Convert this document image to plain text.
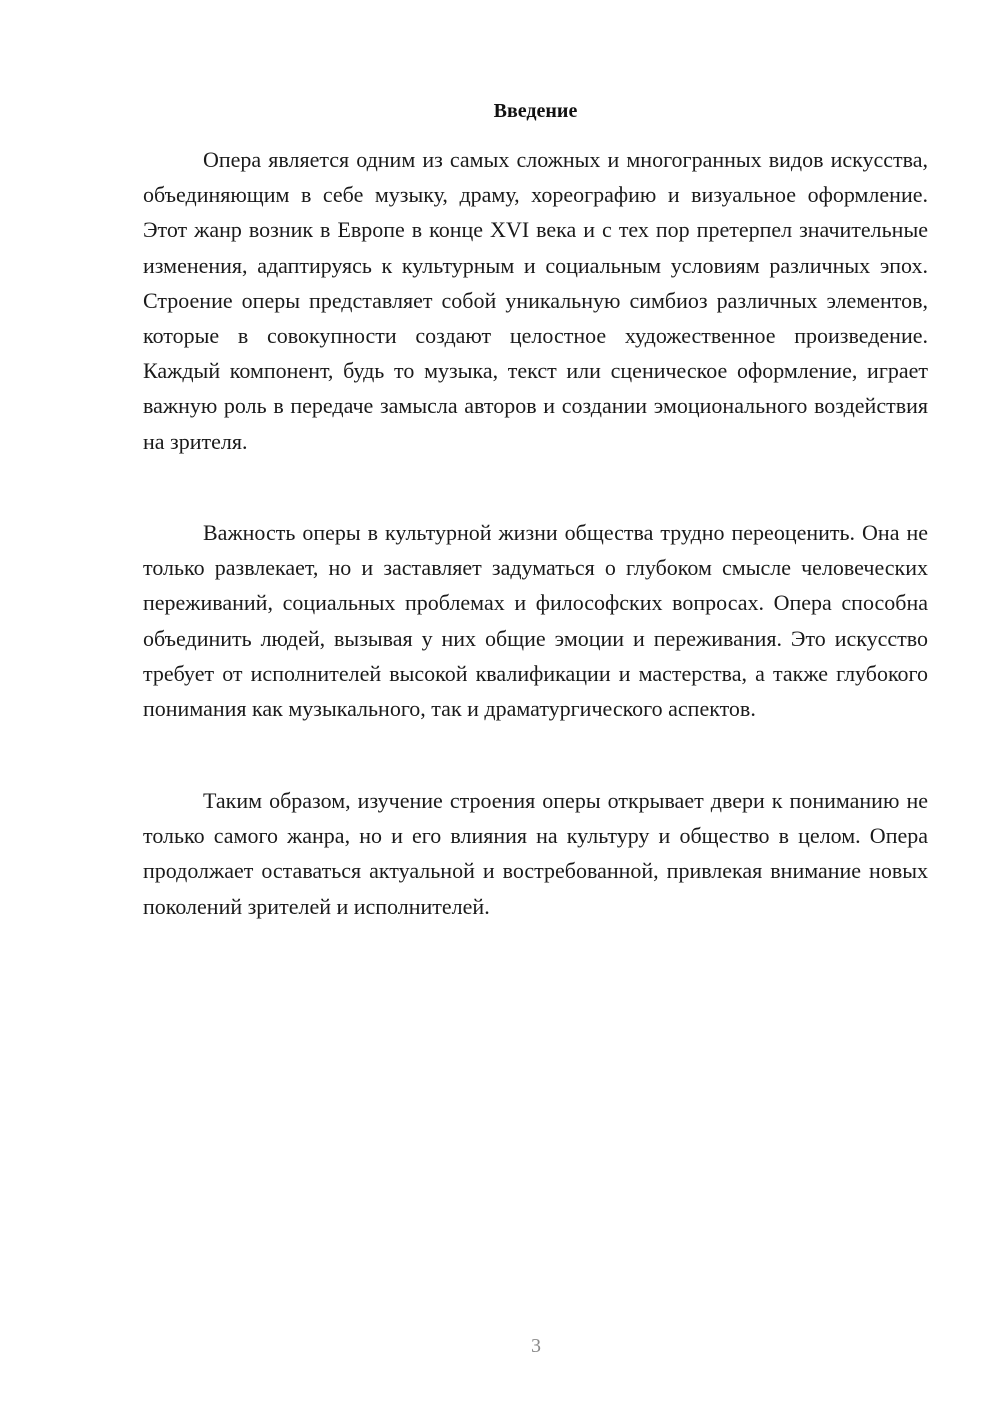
Введение

Опера является одним из самых сложных и многогранных видов искусства, объединяющим в себе музыку, драму, хореографию и визуальное оформление. Этот жанр возник в Европе в конце XVI века и с тех пор претерпел значительные изменения, адаптируясь к культурным и социальным условиям различных эпох. Строение оперы представляет собой уникальную симбиоз различных элементов, которые в совокупности создают целостное художественное произведение. Каждый компонент, будь то музыка, текст или сценическое оформление, играет важную роль в передаче замысла авторов и создании эмоционального воздействия на зрителя.

Важность оперы в культурной жизни общества трудно переоценить. Она не только развлекает, но и заставляет задуматься о глубоком смысле человеческих переживаний, социальных проблемах и философских вопросах. Опера способна объединить людей, вызывая у них общие эмоции и переживания. Это искусство требует от исполнителей высокой квалификации и мастерства, а также глубокого понимания как музыкального, так и драматургического аспектов.

Таким образом, изучение строения оперы открывает двери к пониманию не только самого жанра, но и его влияния на культуру и общество в целом. Опера продолжает оставаться актуальной и востребованной, привлекая внимание новых поколений зрителей и исполнителей.

3
